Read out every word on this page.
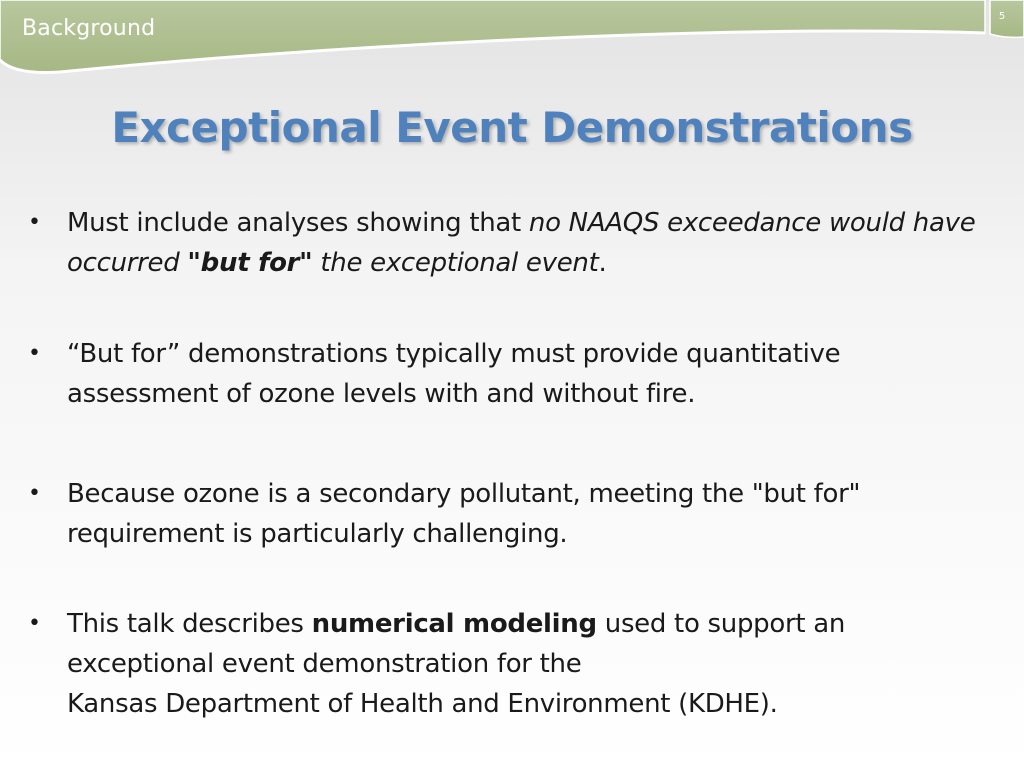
Background	5
Exceptional Event Demonstrations
• Must include analyses showing that no NAAQS exceedance would have occurred "but for" the exceptional event.
• “But for” demonstrations typically must provide quantitative assessment of ozone levels with and without fire.
• Because ozone is a secondary pollutant, meeting the "but for" requirement is particularly challenging.
• This talk describes numerical modeling used to support an exceptional event demonstration for the
Kansas Department of Health and Environment (KDHE).
